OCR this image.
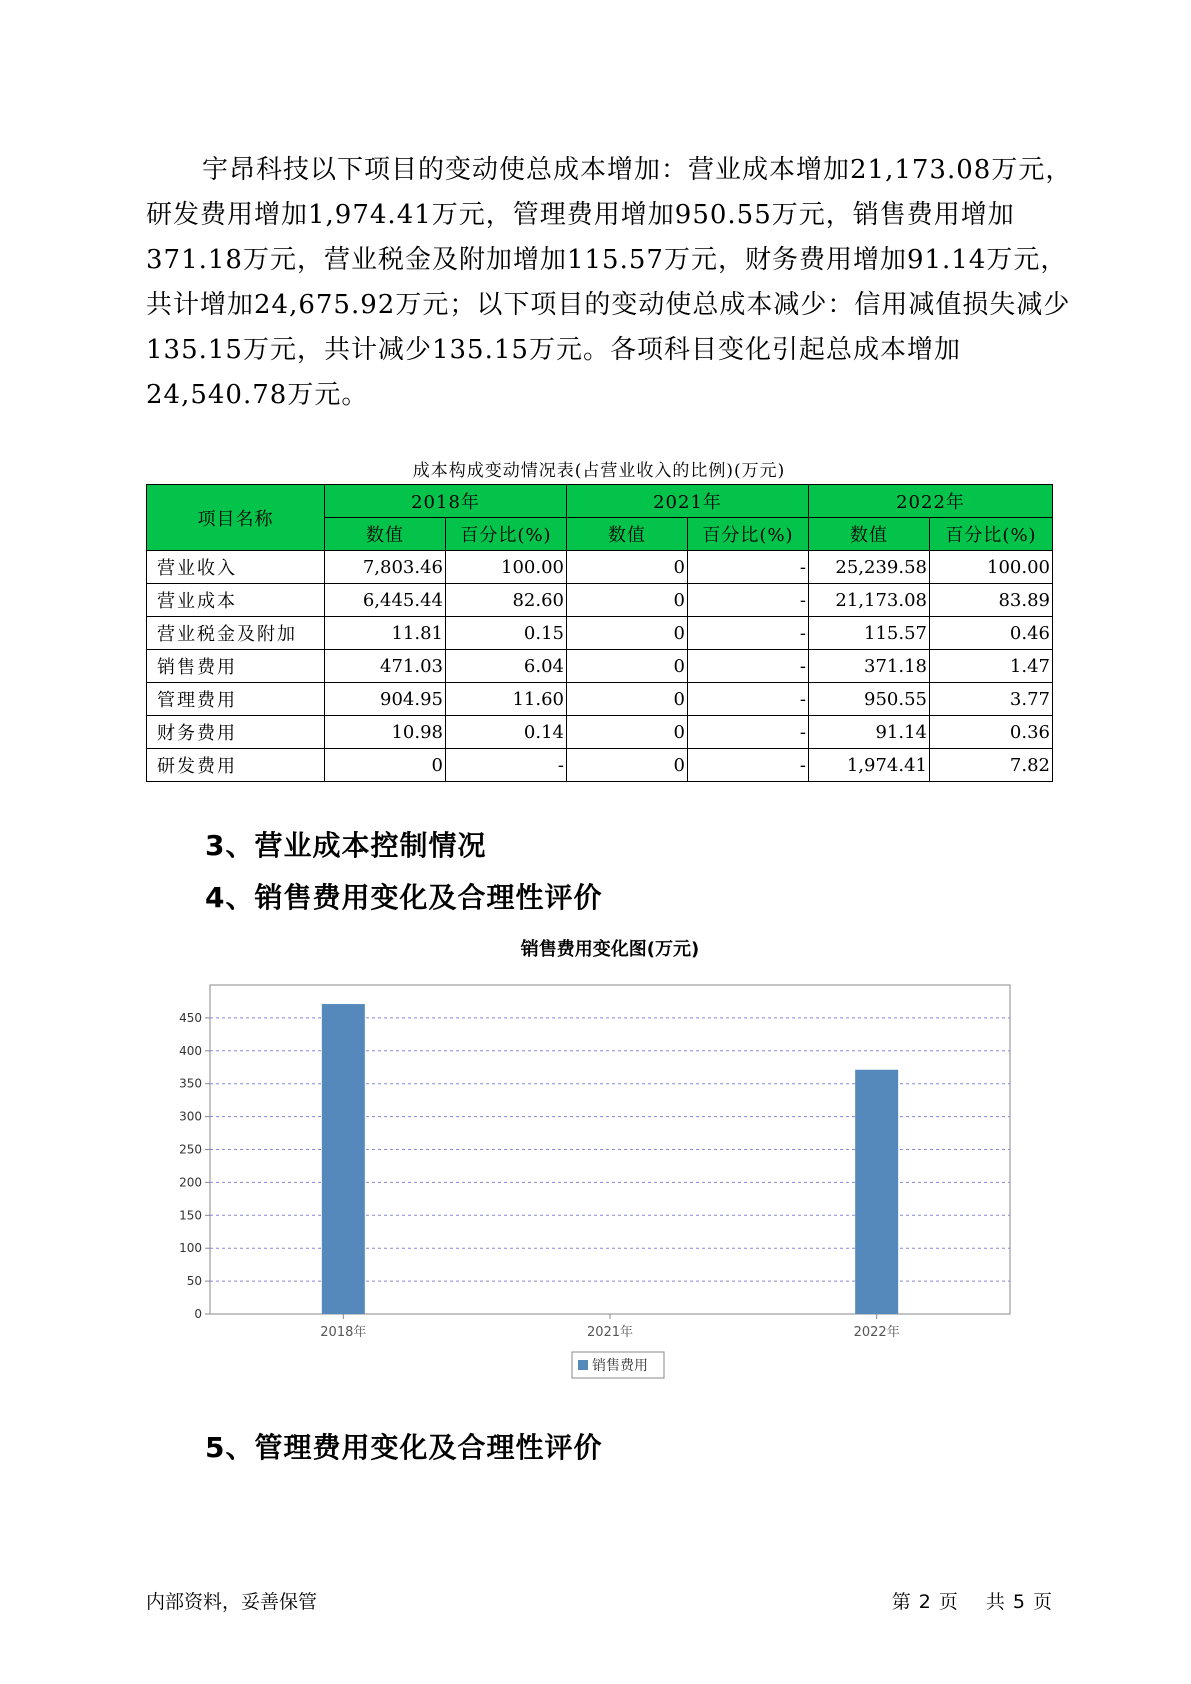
宇昂科技以下项目的变动使总成本增加：营业成本增加21,173.08万元，研发费用增加1,974.41万元，管理费用增加950.55万元，销售费用增加371.18万元，营业税金及附加增加115.57万元，财务费用增加91.14万元，共计增加24,675.92万元；以下项目的变动使总成本减少：信用减值损失减少135.15万元，共计减少135.15万元。各项科目变化引起总成本增加24,540.78万元。

成本构成变动情况表(占营业收入的比例)(万元)
项目名称	2018年		2021年		2022年	
	数值	百分比(%)	数值	百分比(%)	数值	百分比(%)
营业收入	7,803.46	100.00	0	-	25,239.58	100.00
营业成本	6,445.44	82.60	0	-	21,173.08	83.89
营业税金及附加	11.81	0.15	0	-	115.57	0.46
销售费用	471.03	6.04	0	-	371.18	1.47
管理费用	904.95	11.60	0	-	950.55	3.77
财务费用	10.98	0.14	0	-	91.14	0.36
研发费用	0	-	0	-	1,974.41	7.82
3、营业成本控制情况
4、销售费用变化及合理性评价
销售费用变化图(万元)
0
50
100
150
200
250
300
350
400
450
2018年	2021年	2022年
销售费用
5、管理费用变化及合理性评价
内部资料，妥善保管	第 2 页 共 5 页
